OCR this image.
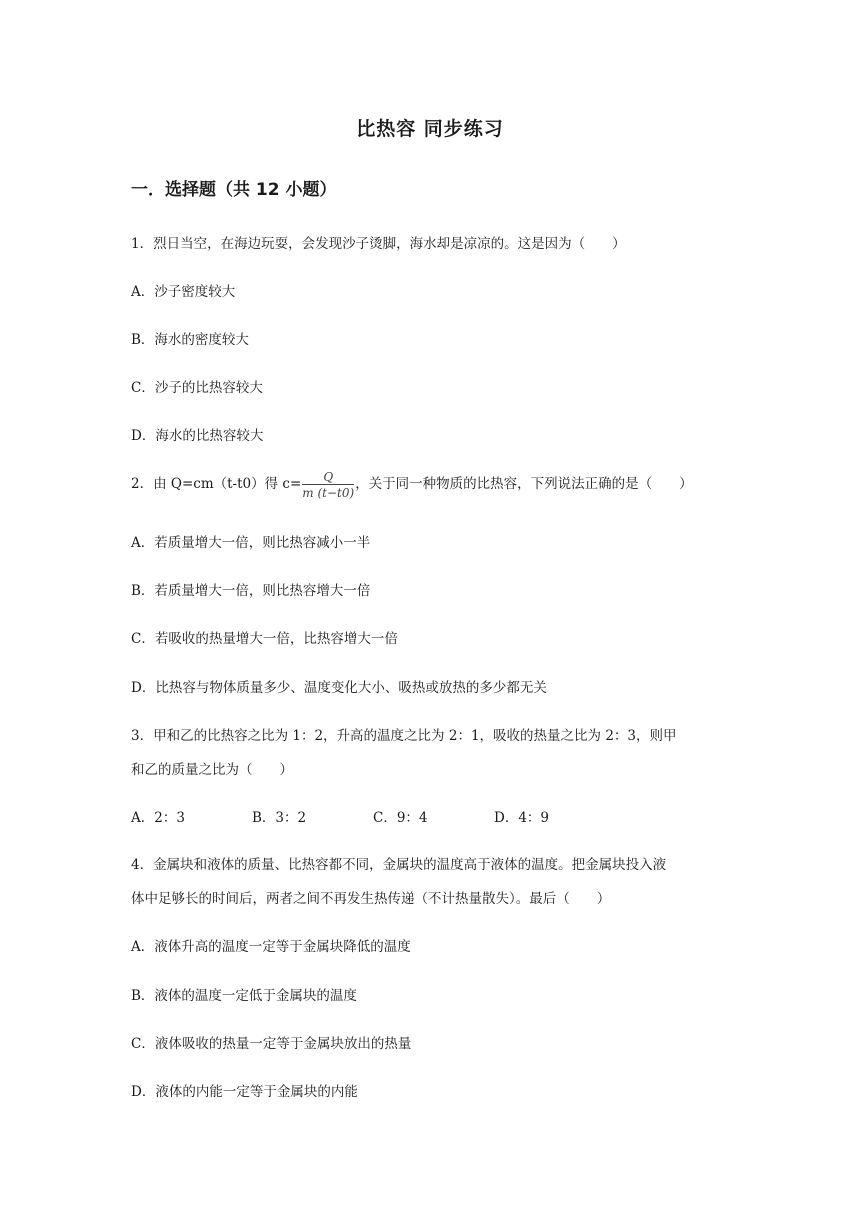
比热容 同步练习
一．选择题（共 12 小题）
1．烈日当空，在海边玩耍，会发现沙子烫脚，海水却是凉凉的。这是因为（　　）
A．沙子密度较大
B．海水的密度较大
C．沙子的比热容较大
D．海水的比热容较大
2．由 Q=cm（t-t0）得 $c= \frac{Q}{m (t-t0)}$ ，关于同一种物质的比热容，下列说法正确的是（　　）
A．若质量增大一倍，则比热容减小一半
B．若质量增大一倍，则比热容增大一倍
C．若吸收的热量增大一倍，比热容增大一倍
D．比热容与物体质量多少、温度变化大小、吸热或放热的多少都无关
3．甲和乙的比热容之比为 1：2，升高的温度之比为 2：1，吸收的热量之比为 2：3，则甲
和乙的质量之比为（　　）
A．2：3	B．3：2	C．9：4	D．4：9
4．金属块和液体的质量、比热容都不同，金属块的温度高于液体的温度。把金属块投入液
体中足够长的时间后，两者之间不再发生热传递（不计热量散失）。最后（　　）
A．液体升高的温度一定等于金属块降低的温度
B．液体的温度一定低于金属块的温度
C．液体吸收的热量一定等于金属块放出的热量
D．液体的内能一定等于金属块的内能
